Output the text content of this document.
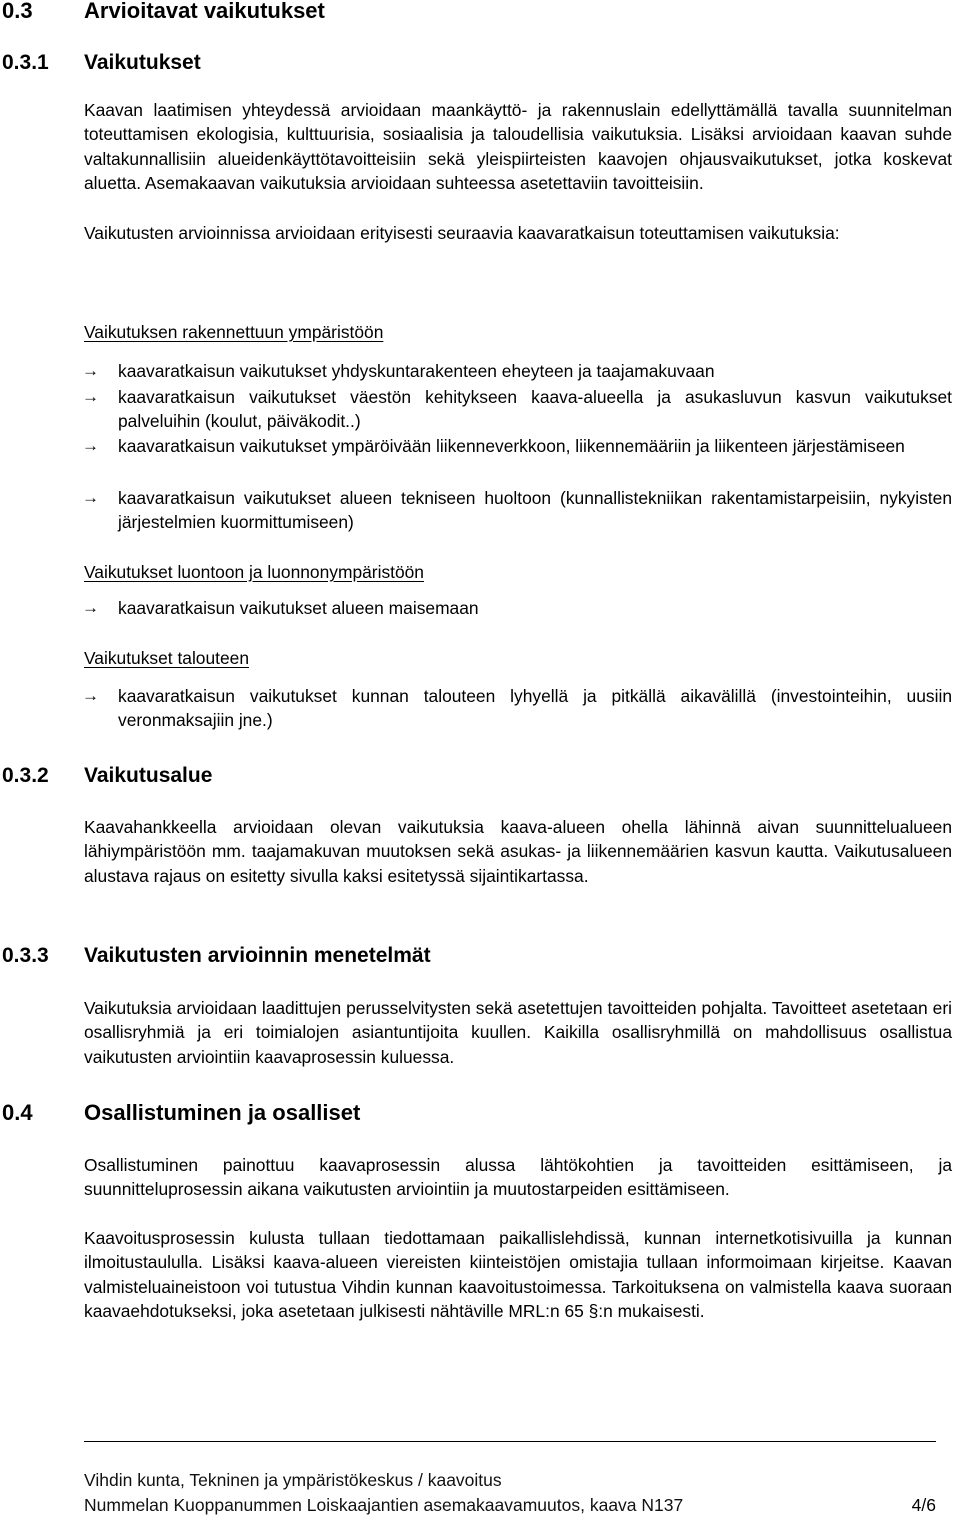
0.3 Arvioitavat vaikutukset
0.3.1 Vaikutukset

Kaavan laatimisen yhteydessä arvioidaan maankäyttö- ja rakennuslain edellyttämällä tavalla suunnitelman toteuttamisen ekologisia, kulttuurisia, sosiaalisia ja taloudellisia vaikutuksia. Lisäksi arvioidaan kaavan suhde valtakunnallisiin alueidenkäyttötavoitteisiin sekä yleispiirteisten kaavojen ohjausvaikutukset, jotka koskevat aluetta. Asemakaavan vaikutuksia arvioidaan suhteessa asetettaviin tavoitteisiin.

Vaikutusten arvioinnissa arvioidaan erityisesti seuraavia kaavaratkaisun toteuttamisen vaikutuksia:

Vaikutuksen rakennettuun ympäristöön
→	kaavaratkaisun vaikutukset yhdyskuntarakenteen eheyteen ja taajamakuvaan
→	kaavaratkaisun vaikutukset väestön kehitykseen kaava-alueella ja asukasluvun kasvun vaikutukset palveluihin (koulut, päiväkodit..)
→	kaavaratkaisun vaikutukset ympäröivään liikenneverkkoon, liikennemääriin ja liikenteen järjestämiseen
→	kaavaratkaisun vaikutukset alueen tekniseen huoltoon (kunnallistekniikan rakentamistarpeisiin, nykyisten järjestelmien kuormittumiseen)
Vaikutukset luontoon ja luonnonympäristöön
→	kaavaratkaisun vaikutukset alueen maisemaan
Vaikutukset talouteen
→	kaavaratkaisun vaikutukset kunnan talouteen lyhyellä ja pitkällä aikavälillä (investointeihin, uusiin veronmaksajiin jne.)
0.3.2 Vaikutusalue

Kaavahankkeella arvioidaan olevan vaikutuksia kaava-alueen ohella lähinnä aivan suunnittelualueen lähiympäristöön mm. taajamakuvan muutoksen sekä asukas- ja liikennemäärien kasvun kautta. Vaikutusalueen alustava rajaus on esitetty sivulla kaksi esitetyssä sijaintikartassa.

0.3.3 Vaikutusten arvioinnin menetelmät

Vaikutuksia arvioidaan laadittujen perusselvitysten sekä asetettujen tavoitteiden pohjalta. Tavoitteet asetetaan eri osallisryhmiä ja eri toimialojen asiantuntijoita kuullen. Kaikilla osallisryhmillä on mahdollisuus osallistua vaikutusten arviointiin kaavaprosessin kuluessa.

0.4 Osallistuminen ja osalliset

Osallistuminen painottuu kaavaprosessin alussa lähtökohtien ja tavoitteiden esittämiseen, ja suunnitteluprosessin aikana vaikutusten arviointiin ja muutostarpeiden esittämiseen.

Kaavoitusprosessin kulusta tullaan tiedottamaan paikallislehdissä, kunnan internetkotisivuilla ja kunnan ilmoitustaululla. Lisäksi kaava-alueen viereisten kiinteistöjen omistajia tullaan informoimaan kirjeitse. Kaavan valmisteluaineistoon voi tutustua Vihdin kunnan kaavoitustoimessa. Tarkoituksena on valmistella kaava suoraan kaavaehdotukseksi, joka asetetaan julkisesti nähtäville MRL:n 65 §:n mukaisesti.

Vihdin kunta, Tekninen ja ympäristökeskus / kaavoitus
Nummelan Kuoppanummen Loiskaajantien asemakaavamuutos, kaava N137	4/6
